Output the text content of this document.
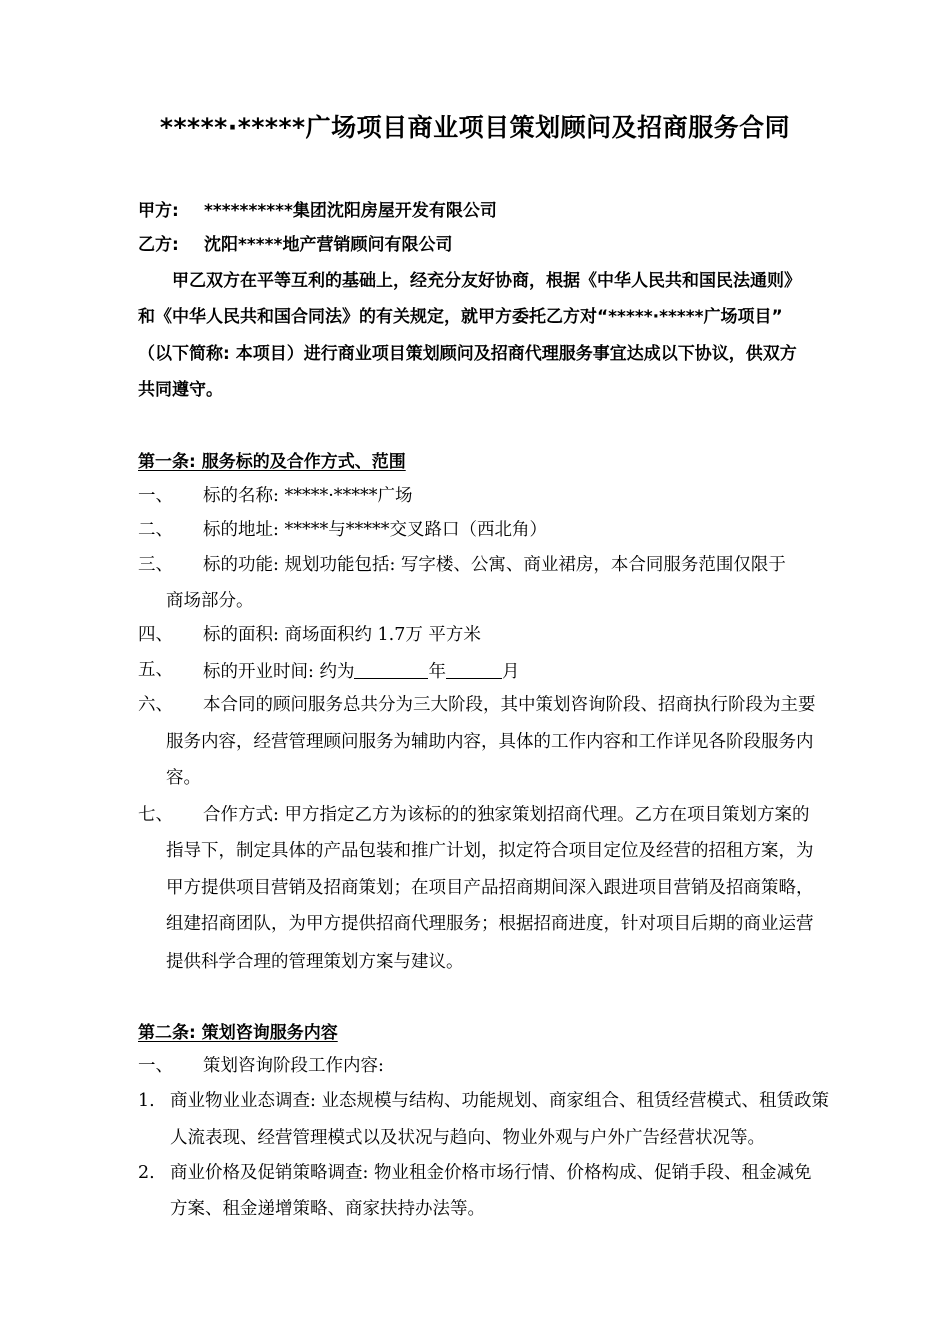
*****·*****广场项目商业项目策划顾问及招商服务合同
甲方: **********集团沈阳房屋开发有限公司
乙方: 沈阳*****地产营销顾问有限公司
甲乙双方在平等互利的基础上，经充分友好协商，根据《中华人民共和国民法通则》
和《中华人民共和国合同法》的有关规定，就甲方委托乙方对“*****·*****广场项目”
（以下简称: 本项目）进行商业项目策划顾问及招商代理服务事宜达成以下协议，供双方
共同遵守。
第一条: 服务标的及合作方式、范围
一、 标的名称: *****·*****广场
二、 标的地址: *****与*****交叉路口（西北角）
三、 标的功能: 规划功能包括: 写字楼、公寓、商业裙房，本合同服务范围仅限于
商场部分。
四、 标的面积: 商场面积约 1.7万 平方米
五、 标的开业时间: 约为	年	月
六、 本合同的顾问服务总共分为三大阶段，其中策划咨询阶段、招商执行阶段为主要
服务内容，经营管理顾问服务为辅助内容，具体的工作内容和工作详见各阶段服务内
容。
七、 合作方式: 甲方指定乙方为该标的的独家策划招商代理。乙方在项目策划方案的
指导下，制定具体的产品包装和推广计划，拟定符合项目定位及经营的招租方案，为
甲方提供项目营销及招商策划；在项目产品招商期间深入跟进项目营销及招商策略，
组建招商团队，为甲方提供招商代理服务；根据招商进度，针对项目后期的商业运营
提供科学合理的管理策划方案与建议。
第二条: 策划咨询服务内容
一、 策划咨询阶段工作内容:
1. 商业物业业态调查: 业态规模与结构、功能规划、商家组合、租赁经营模式、租赁政策
人流表现、经营管理模式以及状况与趋向、物业外观与户外广告经营状况等。
2. 商业价格及促销策略调查: 物业租金价格市场行情、价格构成、促销手段、租金减免
方案、租金递增策略、商家扶持办法等。
